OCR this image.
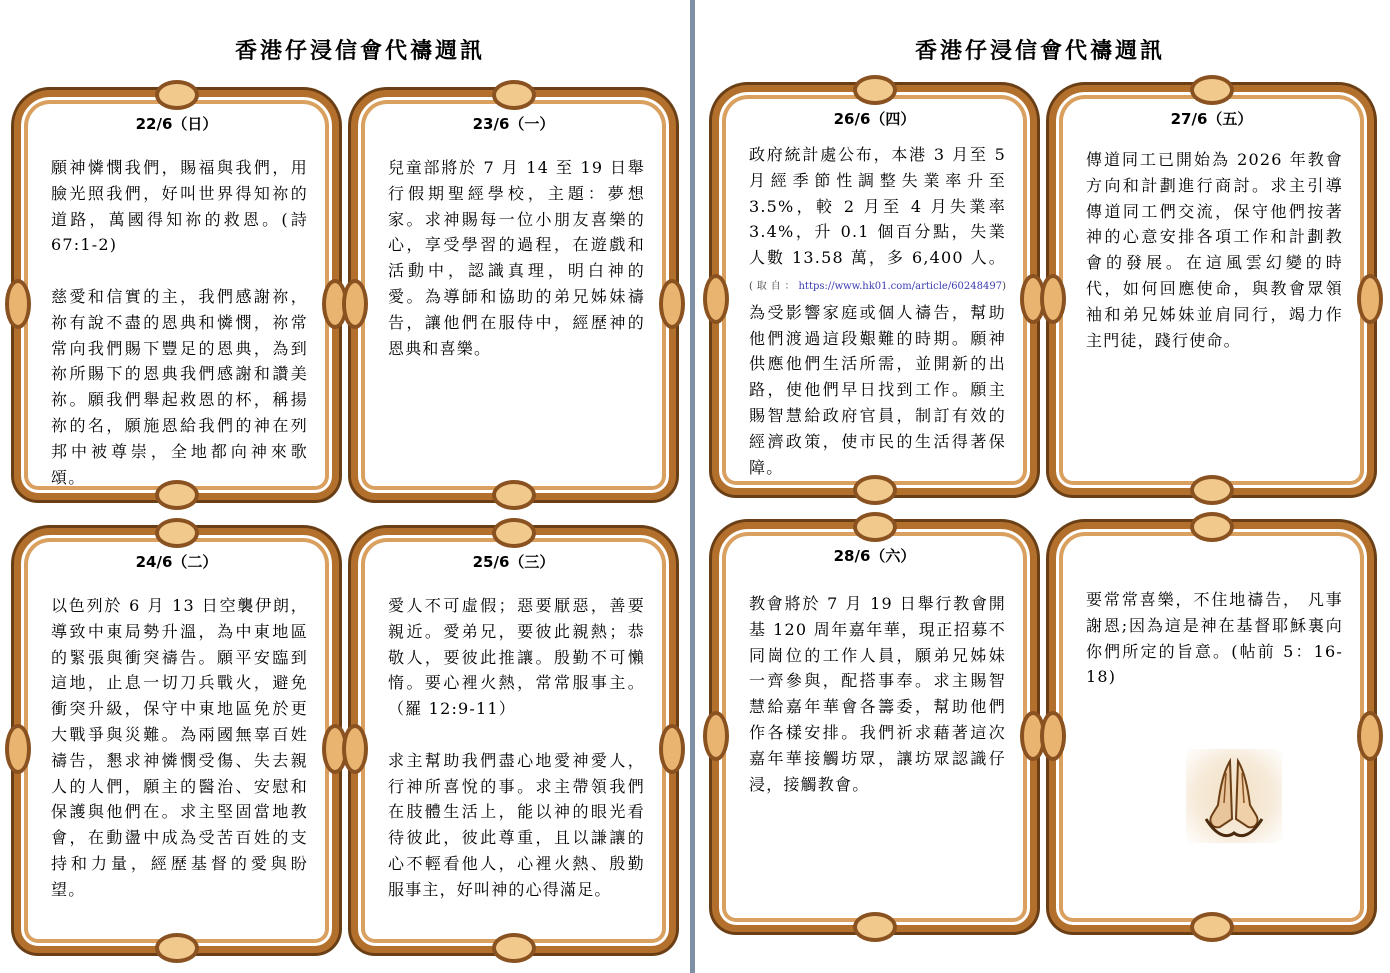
香港仔浸信會代禱週訊	香港仔浸信會代禱週訊
22/6（日）

願神憐憫我們，賜福與我們，用臉光照我們，好叫世界得知祢的道路，萬國得知祢的救恩。(詩 67:1-2)

慈愛和信實的主，我們感謝祢，祢有說不盡的恩典和憐憫，祢常常向我們賜下豐足的恩典，為到祢所賜下的恩典我們感謝和讚美祢。願我們舉起救恩的杯，稱揚祢的名，願施恩給我們的神在列邦中被尊崇，全地都向神來歌頌。

23/6（一）

兒童部將於 7 月 14 至 19 日舉行假期聖經學校，主題：夢想家。求神賜每一位小朋友喜樂的心，享受學習的過程，在遊戲和活動中，認識真理，明白神的愛。為導師和協助的弟兄姊妹禱告，讓他們在服侍中，經歷神的恩典和喜樂。

24/6（二）

以色列於 6 月 13 日空襲伊朗，導致中東局勢升溫，為中東地區的緊張與衝突禱告。願平安臨到這地，止息一切刀兵戰火，避免衝突升級，保守中東地區免於更大戰爭與災難。為兩國無辜百姓禱告，懇求神憐憫受傷、失去親人的人們，願主的醫治、安慰和保護與他們在。求主堅固當地教會，在動盪中成為受苦百姓的支持和力量，經歷基督的愛與盼望。

25/6（三）

愛人不可虛假；惡要厭惡，善要親近。愛弟兄，要彼此親熱；恭敬人，要彼此推讓。殷勤不可懶惰。要心裡火熱，常常服事主。（羅 12:9-11）

求主幫助我們盡心地愛神愛人，行神所喜悅的事。求主帶領我們在肢體生活上，能以神的眼光看待彼此，彼此尊重，且以謙讓的心不輕看他人，心裡火熱、殷勤服事主，好叫神的心得滿足。

26/6（四）

政府統計處公布，本港 3 月至 5 月經季節性調整失業率升至 3.5%，較 2 月至 4 月失業率 3.4%，升 0.1 個百分點，失業人數 13.58 萬，多 6,400 人。(取自：https://www.hk01.com/article/60248497)為受影響家庭或個人禱告，幫助他們渡過這段艱難的時期。願神供應他們生活所需，並開新的出路，使他們早日找到工作。願主賜智慧給政府官員，制訂有效的經濟政策，使市民的生活得著保障。

27/6（五）

傳道同工已開始為 2026 年教會方向和計劃進行商討。求主引導傳道同工們交流，保守他們按著神的心意安排各項工作和計劃教會的發展。在這風雲幻變的時代，如何回應使命，與教會眾領袖和弟兄姊妹並肩同行，竭力作主門徒，踐行使命。

28/6（六）

教會將於 7 月 19 日舉行教會開基 120 周年嘉年華，現正招募不同崗位的工作人員，願弟兄姊妹一齊參與，配搭事奉。求主賜智慧給嘉年華會各籌委，幫助他們作各樣安排。我們祈求藉著這次嘉年華接觸坊眾，讓坊眾認識仔浸，接觸教會。

要常常喜樂，不住地禱告， 凡事謝恩;因為這是神在基督耶穌裏向你們所定的旨意。(帖前 5：16-18)
